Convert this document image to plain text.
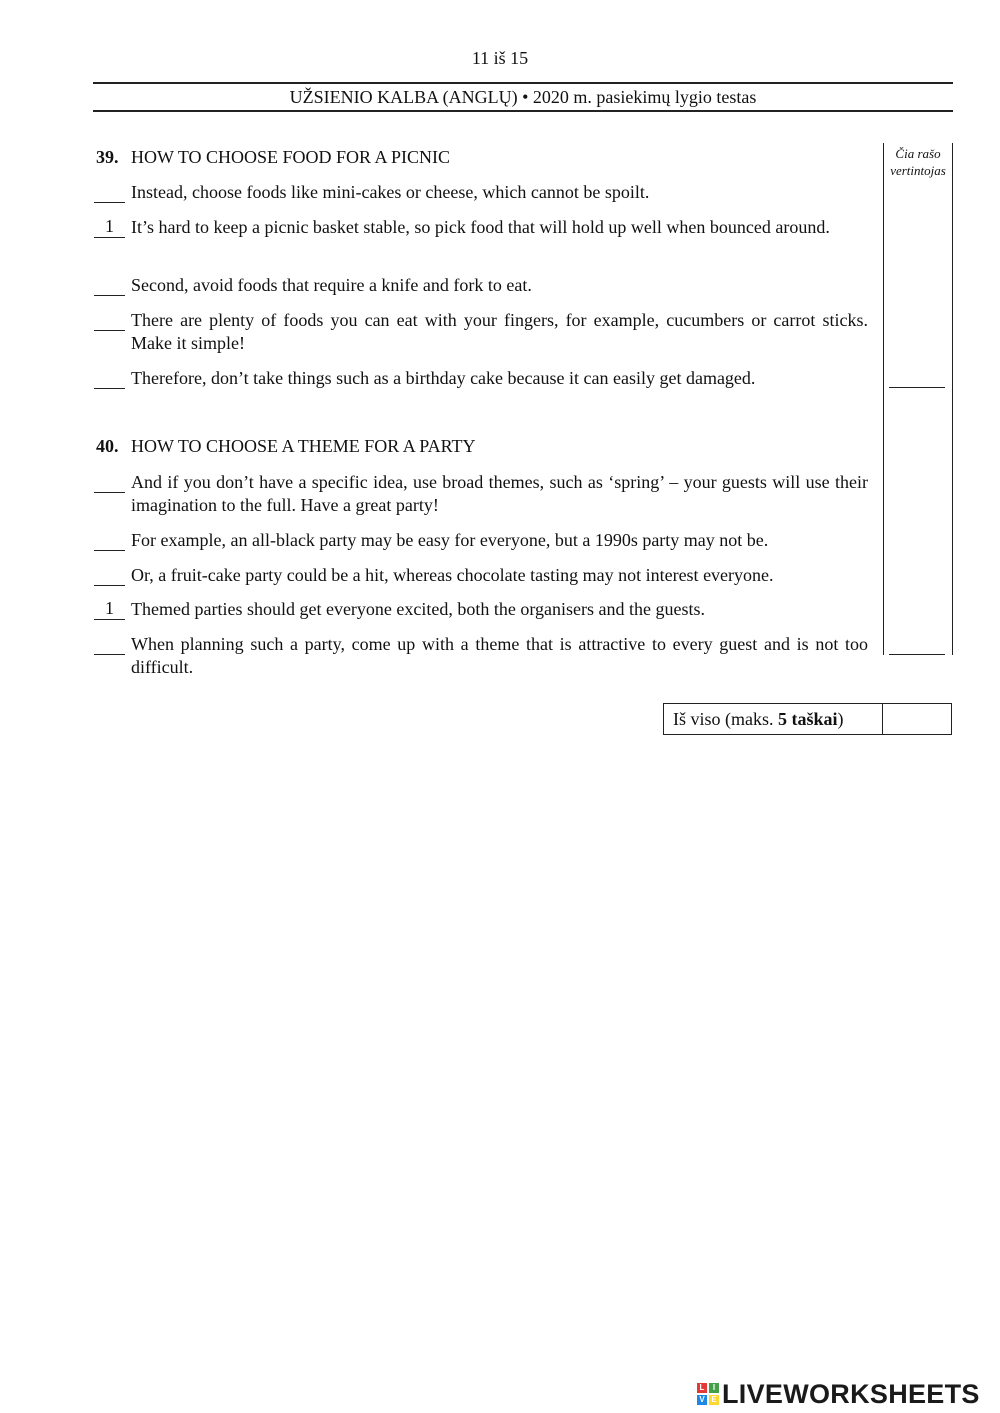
11 iš 15
UŽSIENIO KALBA (ANGLŲ) • 2020 m. pasiekimų lygio testas
Čia rašo
vertintojas
39. HOW TO CHOOSE FOOD FOR A PICNIC
Instead, choose foods like mini-cakes or cheese, which cannot be spoilt.
1 It’s hard to keep a picnic basket stable, so pick food that will hold up well when bounced around.
Second, avoid foods that require a knife and fork to eat.
There are plenty of foods you can eat with your fingers, for example, cucumbers or carrot sticks. Make it simple!
Therefore, don’t take things such as a birthday cake because it can easily get damaged.
40. HOW TO CHOOSE A THEME FOR A PARTY
And if you don’t have a specific idea, use broad themes, such as ‘spring’ – your guests will use their imagination to the full. Have a great party!
For example, an all-black party may be easy for everyone, but a 1990s party may not be.
Or, a fruit-cake party could be a hit, whereas chocolate tasting may not interest everyone.
1 Themed parties should get everyone excited, both the organisers and the guests.
When planning such a party, come up with a theme that is attractive to every guest and is not too difficult.
Iš viso (maks. 5 taškai )
L	I
V E LIVEWORKSHEETS
